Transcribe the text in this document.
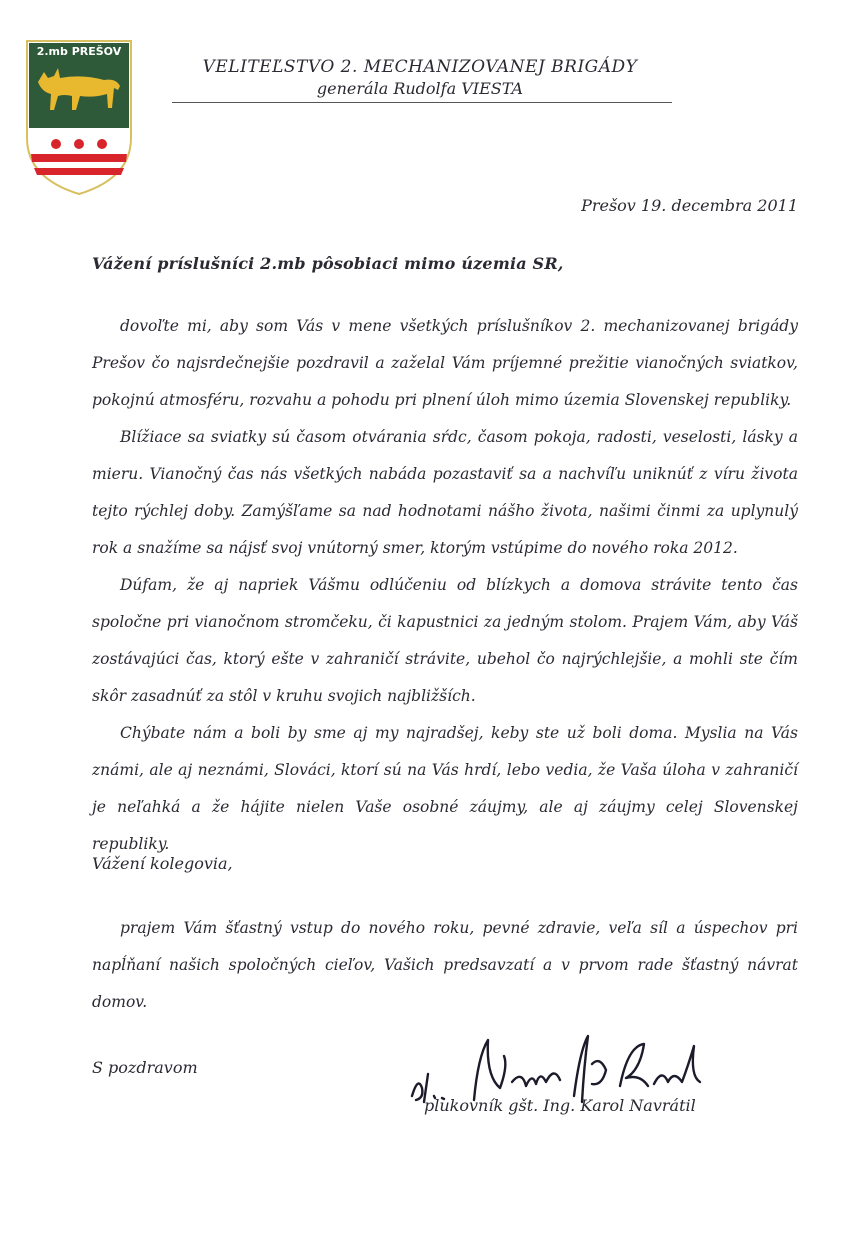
2.mb PREŠOV
VELITEĽSTVO 2. MECHANIZOVANEJ BRIGÁDY
generála Rudolfa VIESTA
Prešov 19. decembra 2011
Vážení príslušníci 2.mb pôsobiaci mimo územia SR,

dovoľte mi, aby som Vás v mene všetkých príslušníkov 2. mechanizovanej brigády Prešov čo najsrdečnejšie pozdravil a zaželal Vám príjemné prežitie vianočných sviatkov, pokojnú atmosféru, rozvahu a pohodu pri plnení úloh mimo územia Slovenskej republiky.

Blížiace sa sviatky sú časom otvárania sŕdc, časom pokoja, radosti, veselosti, lásky a mieru. Vianočný čas nás všetkých nabáda pozastaviť sa a nachvíľu uniknúť z víru života tejto rýchlej doby. Zamýšľame sa nad hodnotami nášho života, našimi činmi za uplynulý rok a snažíme sa nájsť svoj vnútorný smer, ktorým vstúpime do nového roka 2012.

Dúfam, že aj napriek Vášmu odlúčeniu od blízkych a domova strávite tento čas spoločne pri vianočnom stromčeku, či kapustnici za jedným stolom. Prajem Vám, aby Váš zostávajúci čas, ktorý ešte v zahraničí strávite, ubehol čo najrýchlejšie, a mohli ste čím skôr zasadnúť za stôl v kruhu svojich najbližších.

Chýbate nám a boli by sme aj my najradšej, keby ste už boli doma. Myslia na Vás známi, ale aj neznámi, Slováci, ktorí sú na Vás hrdí, lebo vedia, že Vaša úloha v zahraničí je neľahká a že hájite nielen Vaše osobné záujmy, ale aj záujmy celej Slovenskej republiky.

Vážení kolegovia,
prajem Vám šťastný vstup do nového roku, pevné zdravie, veľa síl a úspechov pri napĺňaní našich spoločných cieľov, Vašich predsavzatí a v prvom rade šťastný návrat domov.
S pozdravom
plukovník gšt. Ing. Karol Navrátil
